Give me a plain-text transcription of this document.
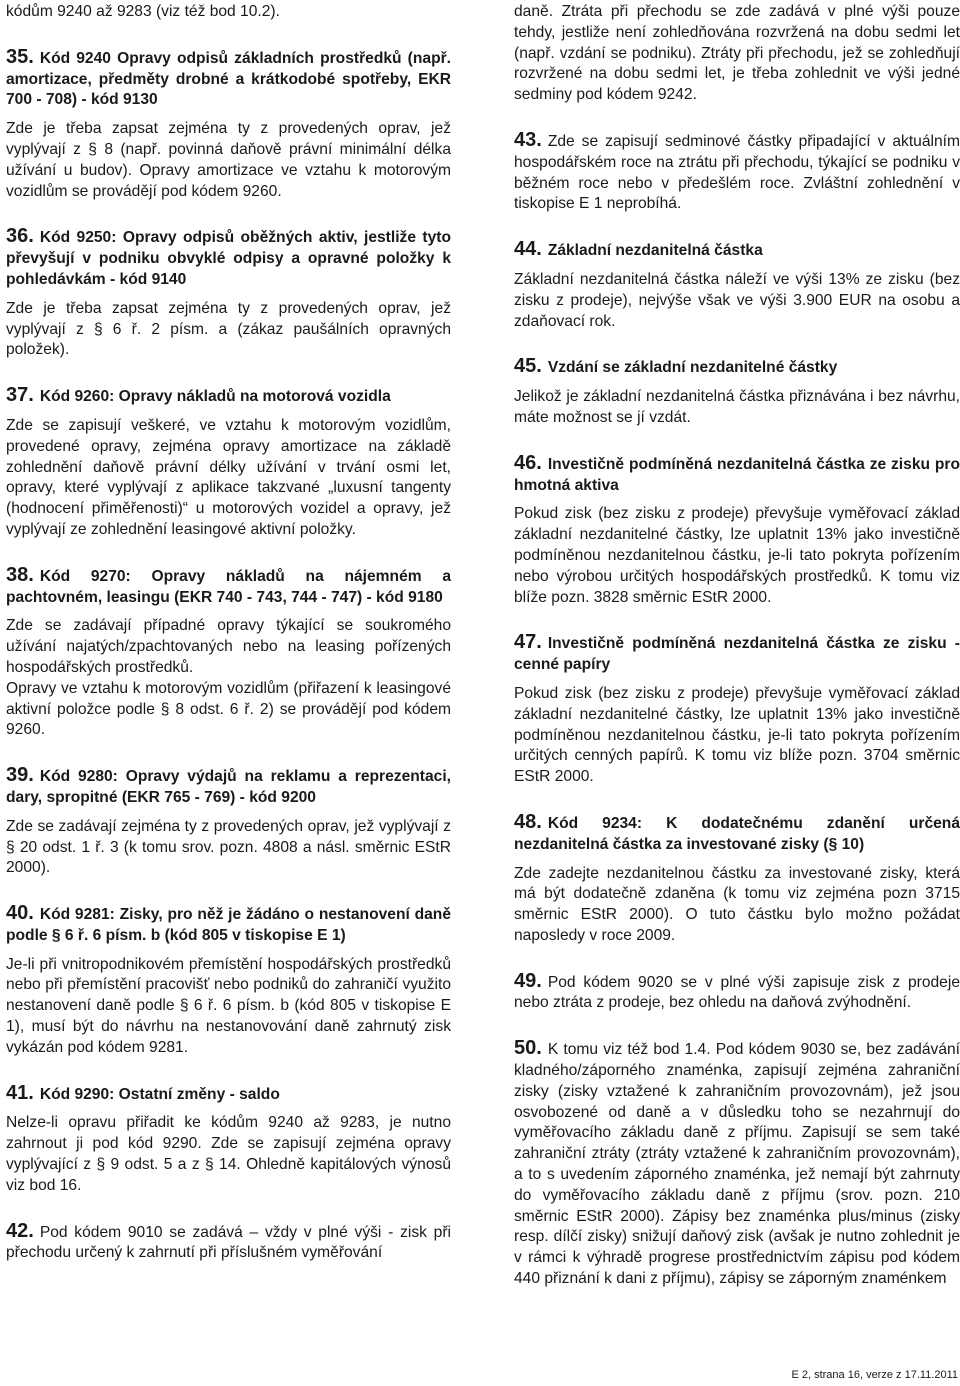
kódům 9240 až 9283 (viz též bod 10.2).
35. Kód 9240 Opravy odpisů základních prostředků (např. amortizace, předměty drobné a krátkodobé spotřeby, EKR 700 - 708) - kód 9130
Zde je třeba zapsat zejména ty z provedených oprav, jež vyplývají z § 8 (např. povinná daňově právní minimální délka užívání u budov). Opravy amortizace ve vztahu k motorovým vozidlům se provádějí pod kódem 9260.
36. Kód 9250: Opravy odpisů oběžných aktiv, jestliže tyto převyšují v podniku obvyklé odpisy a opravné položky k pohledávkám - kód 9140
Zde je třeba zapsat zejména ty z provedených oprav, jež vyplývají z § 6 ř. 2 písm. a (zákaz paušálních opravných položek).
37. Kód 9260: Opravy nákladů na motorová vozidla
Zde se zapisují veškeré, ve vztahu k motorovým vozidlům, provedené opravy, zejména opravy amortizace na základě zohlednění daňově právní délky užívání v trvání osmi let, opravy, které vyplývají z aplikace takzvané „luxusní tangenty (hodnocení přiměřenosti)“ u motorových vozidel a opravy, jež vyplývají ze zohlednění leasingové aktivní položky.
38. Kód 9270: Opravy nákladů na nájemném a pachtovném, leasingu (EKR 740 - 743, 744 - 747) - kód 9180
Zde se zadávají případné opravy týkající se soukromého užívání najatých/zpachtovaných nebo na leasing pořízených hospodářských prostředků.
Opravy ve vztahu k motorovým vozidlům (přiřazení k leasingové aktivní položce podle § 8 odst. 6 ř. 2) se provádějí pod kódem 9260.
39. Kód 9280: Opravy výdajů na reklamu a reprezentaci, dary, spropitné (EKR 765 - 769) - kód 9200
Zde se zadávají zejména ty z provedených oprav, jež vyplývají z § 20 odst. 1 ř. 3 (k tomu srov. pozn. 4808 a násl. směrnic EStR 2000).
40. Kód 9281: Zisky, pro něž je žádáno o nestanovení daně podle § 6 ř. 6 písm. b (kód 805 v tiskopise E 1)
Je-li při vnitropodnikovém přemístění hospodářských prostředků nebo při přemístění pracovišť nebo podniků do zahraničí využito nestanovení daně podle § 6 ř. 6 písm. b (kód 805 v tiskopise E 1), musí být do návrhu na nestanovování daně zahrnutý zisk vykázán pod kódem 9281.
41. Kód 9290: Ostatní změny - saldo
Nelze-li opravu přiřadit ke kódům 9240 až 9283, je nutno zahrnout ji pod kód 9290. Zde se zapisují zejména opravy vyplývající z § 9 odst. 5 a z § 14. Ohledně kapitálových výnosů viz bod 16.
42. Pod kódem 9010 se zadává – vždy v plné výši - zisk při přechodu určený k zahrnutí při příslušném vyměřování
daně. Ztráta při přechodu se zde zadává v plné výši pouze tehdy, jestliže není zohledňována rozvržená na dobu sedmi let (např. vzdání se podniku). Ztráty při přechodu, jež se zohledňují rozvržené na dobu sedmi let, je třeba zohlednit ve výši jedné sedminy pod kódem 9242.
43. Zde se zapisují sedminové částky připadající v aktuálním hospodářském roce na ztrátu při přechodu, týkající se podniku v běžném roce nebo v předešlém roce. Zvláštní zohlednění v tiskopise E 1 neprobíhá.
44. Základní nezdanitelná částka
Základní nezdanitelná částka náleží ve výši 13% ze zisku (bez zisku z prodeje), nejvýše však ve výši 3.900 EUR na osobu a zdaňovací rok.
45. Vzdání se základní nezdanitelné částky
Jelikož je základní nezdanitelná částka přiznávána i bez návrhu, máte možnost se jí vzdát.
46. Investičně podmíněná nezdanitelná částka ze zisku pro hmotná aktiva
Pokud zisk (bez zisku z prodeje) převyšuje vyměřovací základ základní nezdanitelné částky, lze uplatnit 13% jako investičně podmíněnou nezdanitelnou částku, je-li tato pokryta pořízením nebo výrobou určitých hospodářských prostředků. K tomu viz blíže pozn. 3828 směrnic EStR 2000.
47. Investičně podmíněná nezdanitelná částka ze zisku - cenné papíry
Pokud zisk (bez zisku z prodeje) převyšuje vyměřovací základ základní nezdanitelné částky, lze uplatnit 13% jako investičně podmíněnou nezdanitelnou částku, je-li tato pokryta pořízením určitých cenných papírů. K tomu viz blíže pozn. 3704 směrnic EStR 2000.
48. Kód 9234: K dodatečnému zdanění určená nezdanitelná částka za investované zisky (§ 10)
Zde zadejte nezdanitelnou částku za investované zisky, která má být dodatečně zdaněna (k tomu viz zejména pozn 3715 směrnic EStR 2000). O tuto částku bylo možno požádat naposledy v roce 2009.
49. Pod kódem 9020 se v plné výši zapisuje zisk z prodeje nebo ztráta z prodeje, bez ohledu na daňová zvýhodnění.
50. K tomu viz též bod 1.4. Pod kódem 9030 se, bez zadávání kladného/záporného znaménka, zapisují zejména zahraniční zisky (zisky vztažené k zahraničním provozovnám), jež jsou osvobozené od daně a v důsledku toho se nezahrnují do vyměřovacího základu daně z příjmu. Zapisují se sem také zahraniční ztráty (ztráty vztažené k zahraničním provozovnám), a to s uvedením záporného znaménka, jež nemají být zahrnuty do vyměřovacího základu daně z příjmu (srov. pozn. 210 směrnic EStR 2000). Zápisy bez znaménka plus/minus (zisky resp. dílčí zisky) snižují daňový zisk (avšak je nutno zohlednit je v rámci k výhradě progrese prostřednictvím zápisu pod kódem 440 přiznání k dani z příjmu), zápisy se záporným znaménkem
E 2, strana 16, verze z 17.11.2011
